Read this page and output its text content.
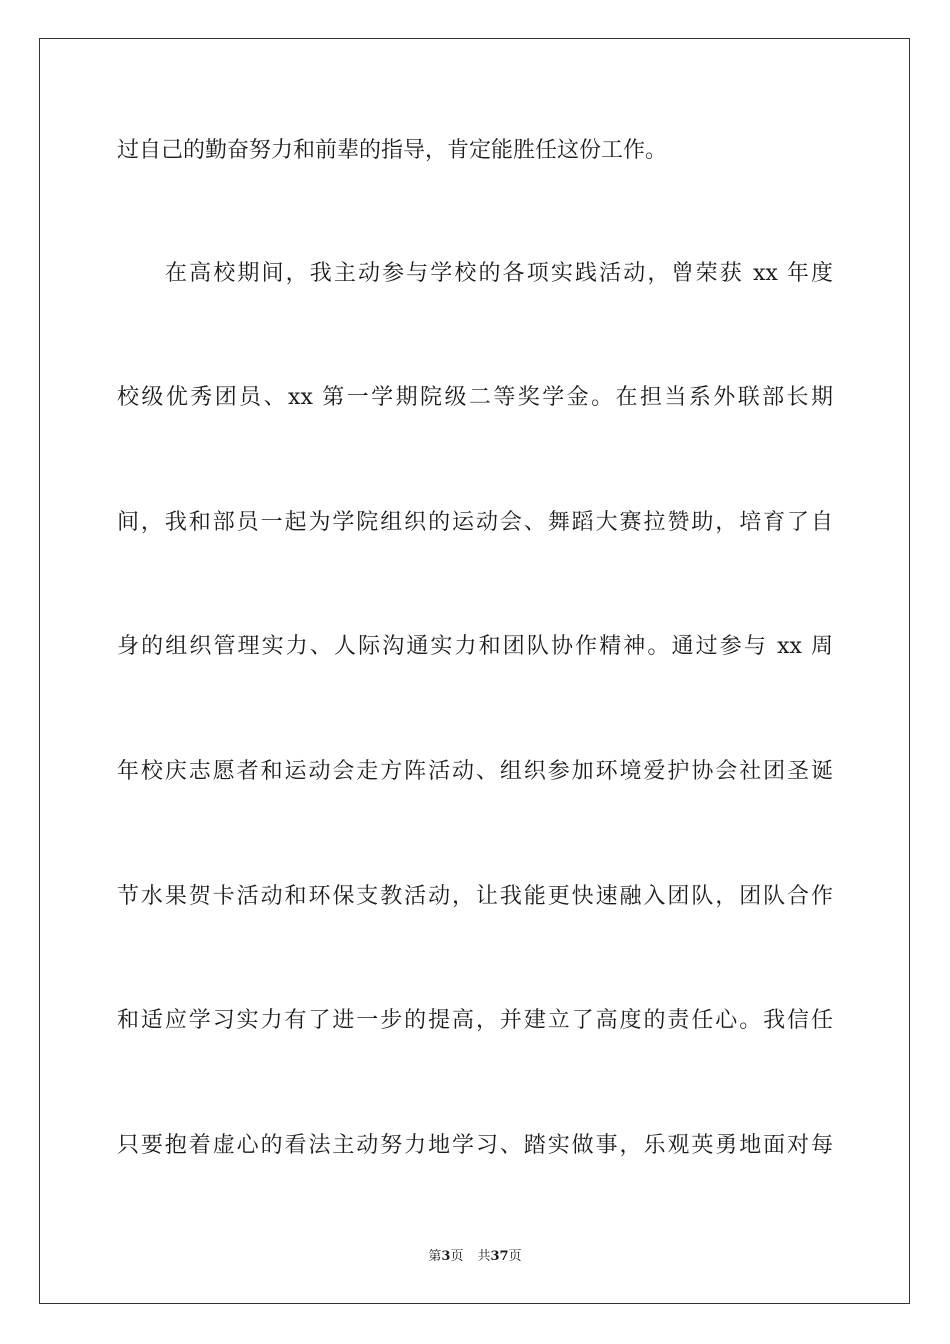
过自己的勤奋努力和前辈的指导，肯定能胜任这份工作。
在高校期间，我主动参与学校的各项实践活动，曾荣获 xx 年度
校级优秀团员、xx 第一学期院级二等奖学金。在担当系外联部长期
间，我和部员一起为学院组织的运动会、舞蹈大赛拉赞助，培育了自
身的组织管理实力、人际沟通实力和团队协作精神。通过参与 xx 周
年校庆志愿者和运动会走方阵活动、组织参加环境爱护协会社团圣诞
节水果贺卡活动和环保支教活动，让我能更快速融入团队，团队合作
和适应学习实力有了进一步的提高，并建立了高度的责任心。我信任
只要抱着虚心的看法主动努力地学习、踏实做事，乐观英勇地面对每
第3页 共37页
